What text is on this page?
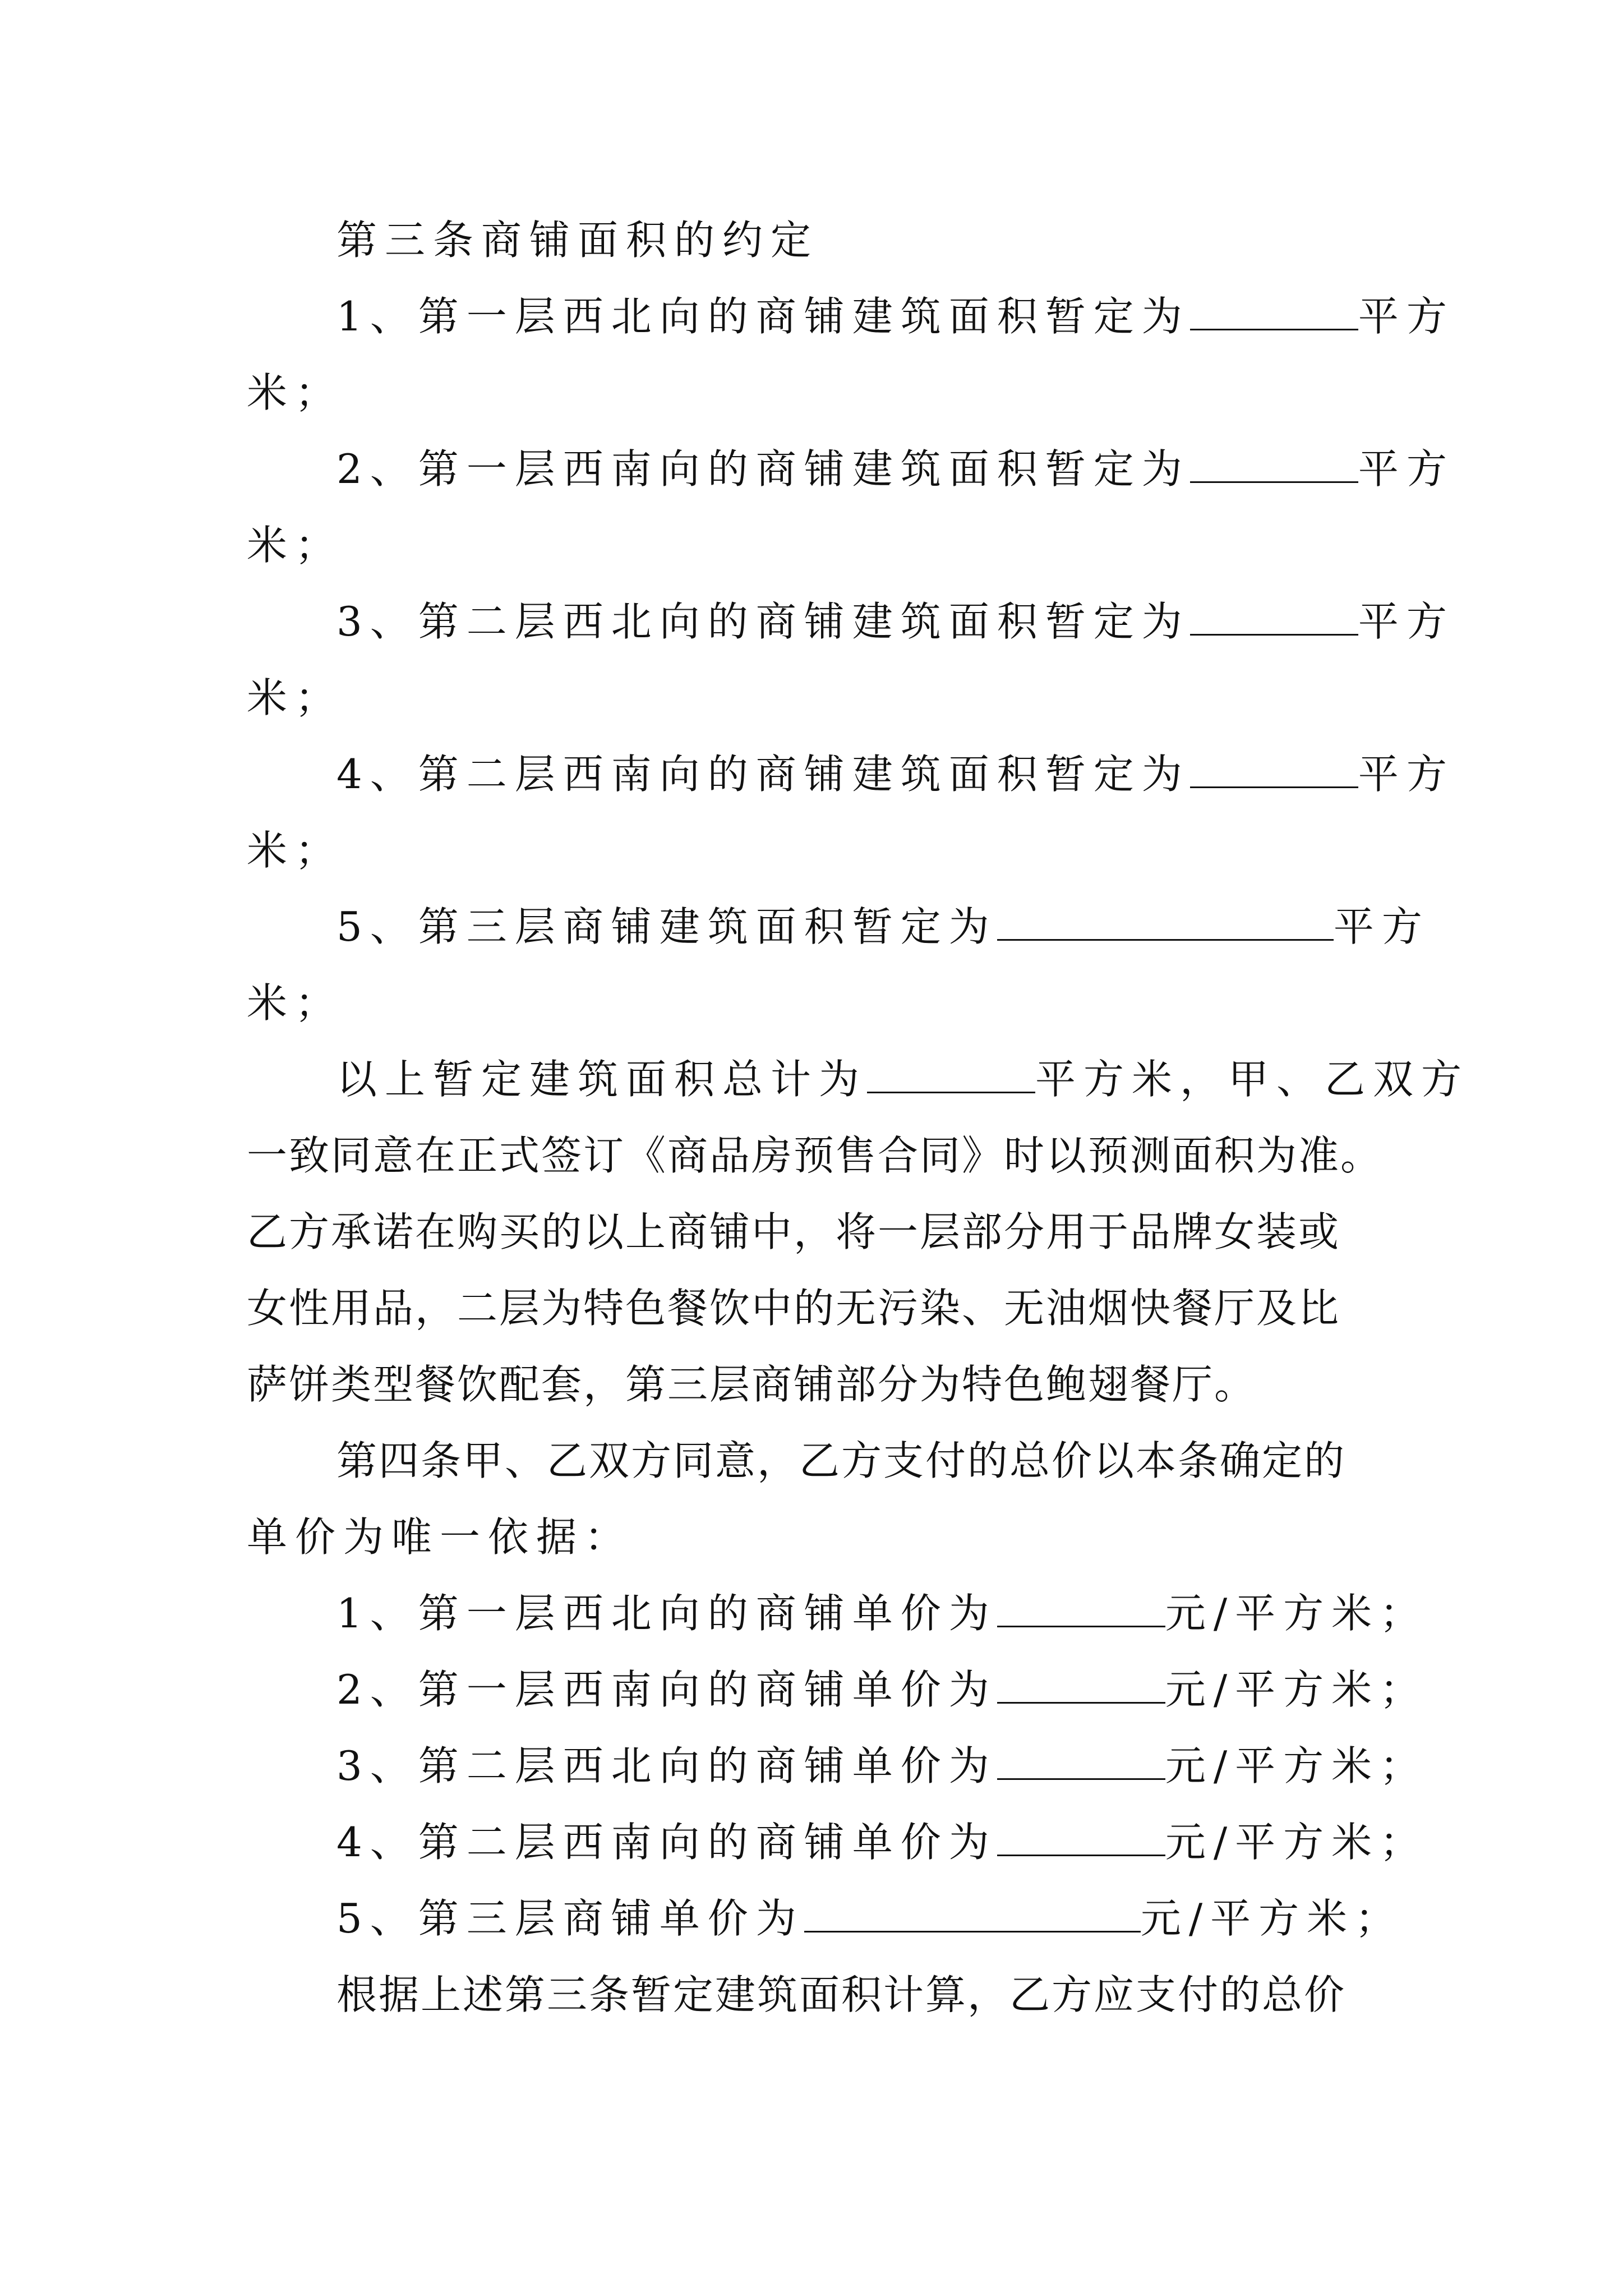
第三条商铺面积的约定
1、第一层西北向的商铺建筑面积暂定为	平方
米；
2、第一层西南向的商铺建筑面积暂定为	平方
米；
3、第二层西北向的商铺建筑面积暂定为	平方
米；
4、第二层西南向的商铺建筑面积暂定为	平方
米；
5、第三层商铺建筑面积暂定为	平方
米；
以上暂定建筑面积总计为	平方米，甲、乙双方
一致同意在正式签订《商品房预售合同》时以预测面积为准。
乙方承诺在购买的以上商铺中，将一层部分用于品牌女装或
女性用品，二层为特色餐饮中的无污染、无油烟快餐厅及比
萨饼类型餐饮配套，第三层商铺部分为特色鲍翅餐厅。
第四条甲、乙双方同意，乙方支付的总价以本条确定的
单价为唯一依据：
1、第一层西北向的商铺单价为	元/平方米；
2、第一层西南向的商铺单价为	元/平方米；
3、第二层西北向的商铺单价为	元/平方米；
4、第二层西南向的商铺单价为	元/平方米；
5、第三层商铺单价为	元/平方米；
根据上述第三条暂定建筑面积计算，乙方应支付的总价
